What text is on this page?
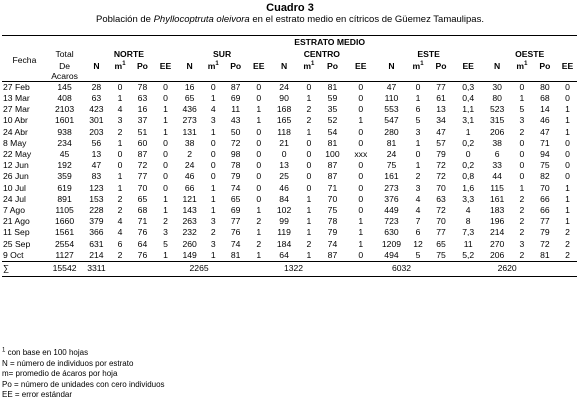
Cuadro 3
Población de Phyllocoptruta oleivora en el estrato medio en cítricos de Güemez Tamaulipas.
		ESTRATO MEDIO																			
Fecha	Total	NORTE				SUR				CENTRO				ESTE				OESTE			
	De	N	$m^1$	Po	EE	N	$m^1$	Po	EE	N	$m^1$	Po	EE	N	$m^1$	Po	EE	N	$m^1$	Po	EE
	Acaros																				
27 Feb	145	28	0	78	0	16	0	87	0	24	0	81	0	47	0	77	0,3	30	0	80	0
13 Mar	408	63	1	63	0	65	1	69	0	90	1	59	0	110	1	61	0,4	80	1	68	0
27 Mar	2103	423	4	16	1	436	4	11	1	168	2	35	0	553	6	13	1,1	523	5	14	1
10 Abr	1601	301	3	37	1	273	3	43	1	165	2	52	1	547	5	34	3,1	315	3	46	1
24 Abr	938	203	2	51	1	131	1	50	0	118	1	54	0	280	3	47	1	206	2	47	1
8 May	234	56	1	60	0	38	0	72	0	21	0	81	0	81	1	57	0,2	38	0	71	0
22 May	45	13	0	87	0	2	0	98	0	0	0	100	xxx	24	0	79	0	6	0	94	0
12 Jun	192	47	0	72	0	24	0	78	0	13	0	87	0	75	1	72	0,2	33	0	75	0
26 Jun	359	83	1	77	0	46	0	79	0	25	0	87	0	161	2	72	0,8	44	0	82	0
10 Jul	619	123	1	70	0	66	1	74	0	46	0	71	0	273	3	70	1,6	115	1	70	1
24 Jul	891	153	2	65	1	121	1	65	0	84	1	70	0	376	4	63	3,3	161	2	66	1
7 Ago	1105	228	2	68	1	143	1	69	1	102	1	75	0	449	4	72	4	183	2	66	1
21 Ago	1660	379	4	71	2	263	3	77	2	99	1	78	1	723	7	70	8	196	2	77	1
11 Sep	1561	366	4	76	3	232	2	76	1	119	1	79	1	630	6	77	7,3	214	2	79	2
25 Sep	2554	631	6	64	5	260	3	74	2	184	2	74	1	1209	12	65	11	270	3	72	2
9 Oct	1127	214	2	76	1	149	1	81	1	64	1	87	0	494	5	75	5,2	206	2	81	2
∑	15542	3311				2265				1322				6032				2620			
$^1$ con base en 100 hojas
N = número de individuos por estrato
m= promedio de ácaros por hoja
Po = número de unidades con cero individuos
EE = error estándar
